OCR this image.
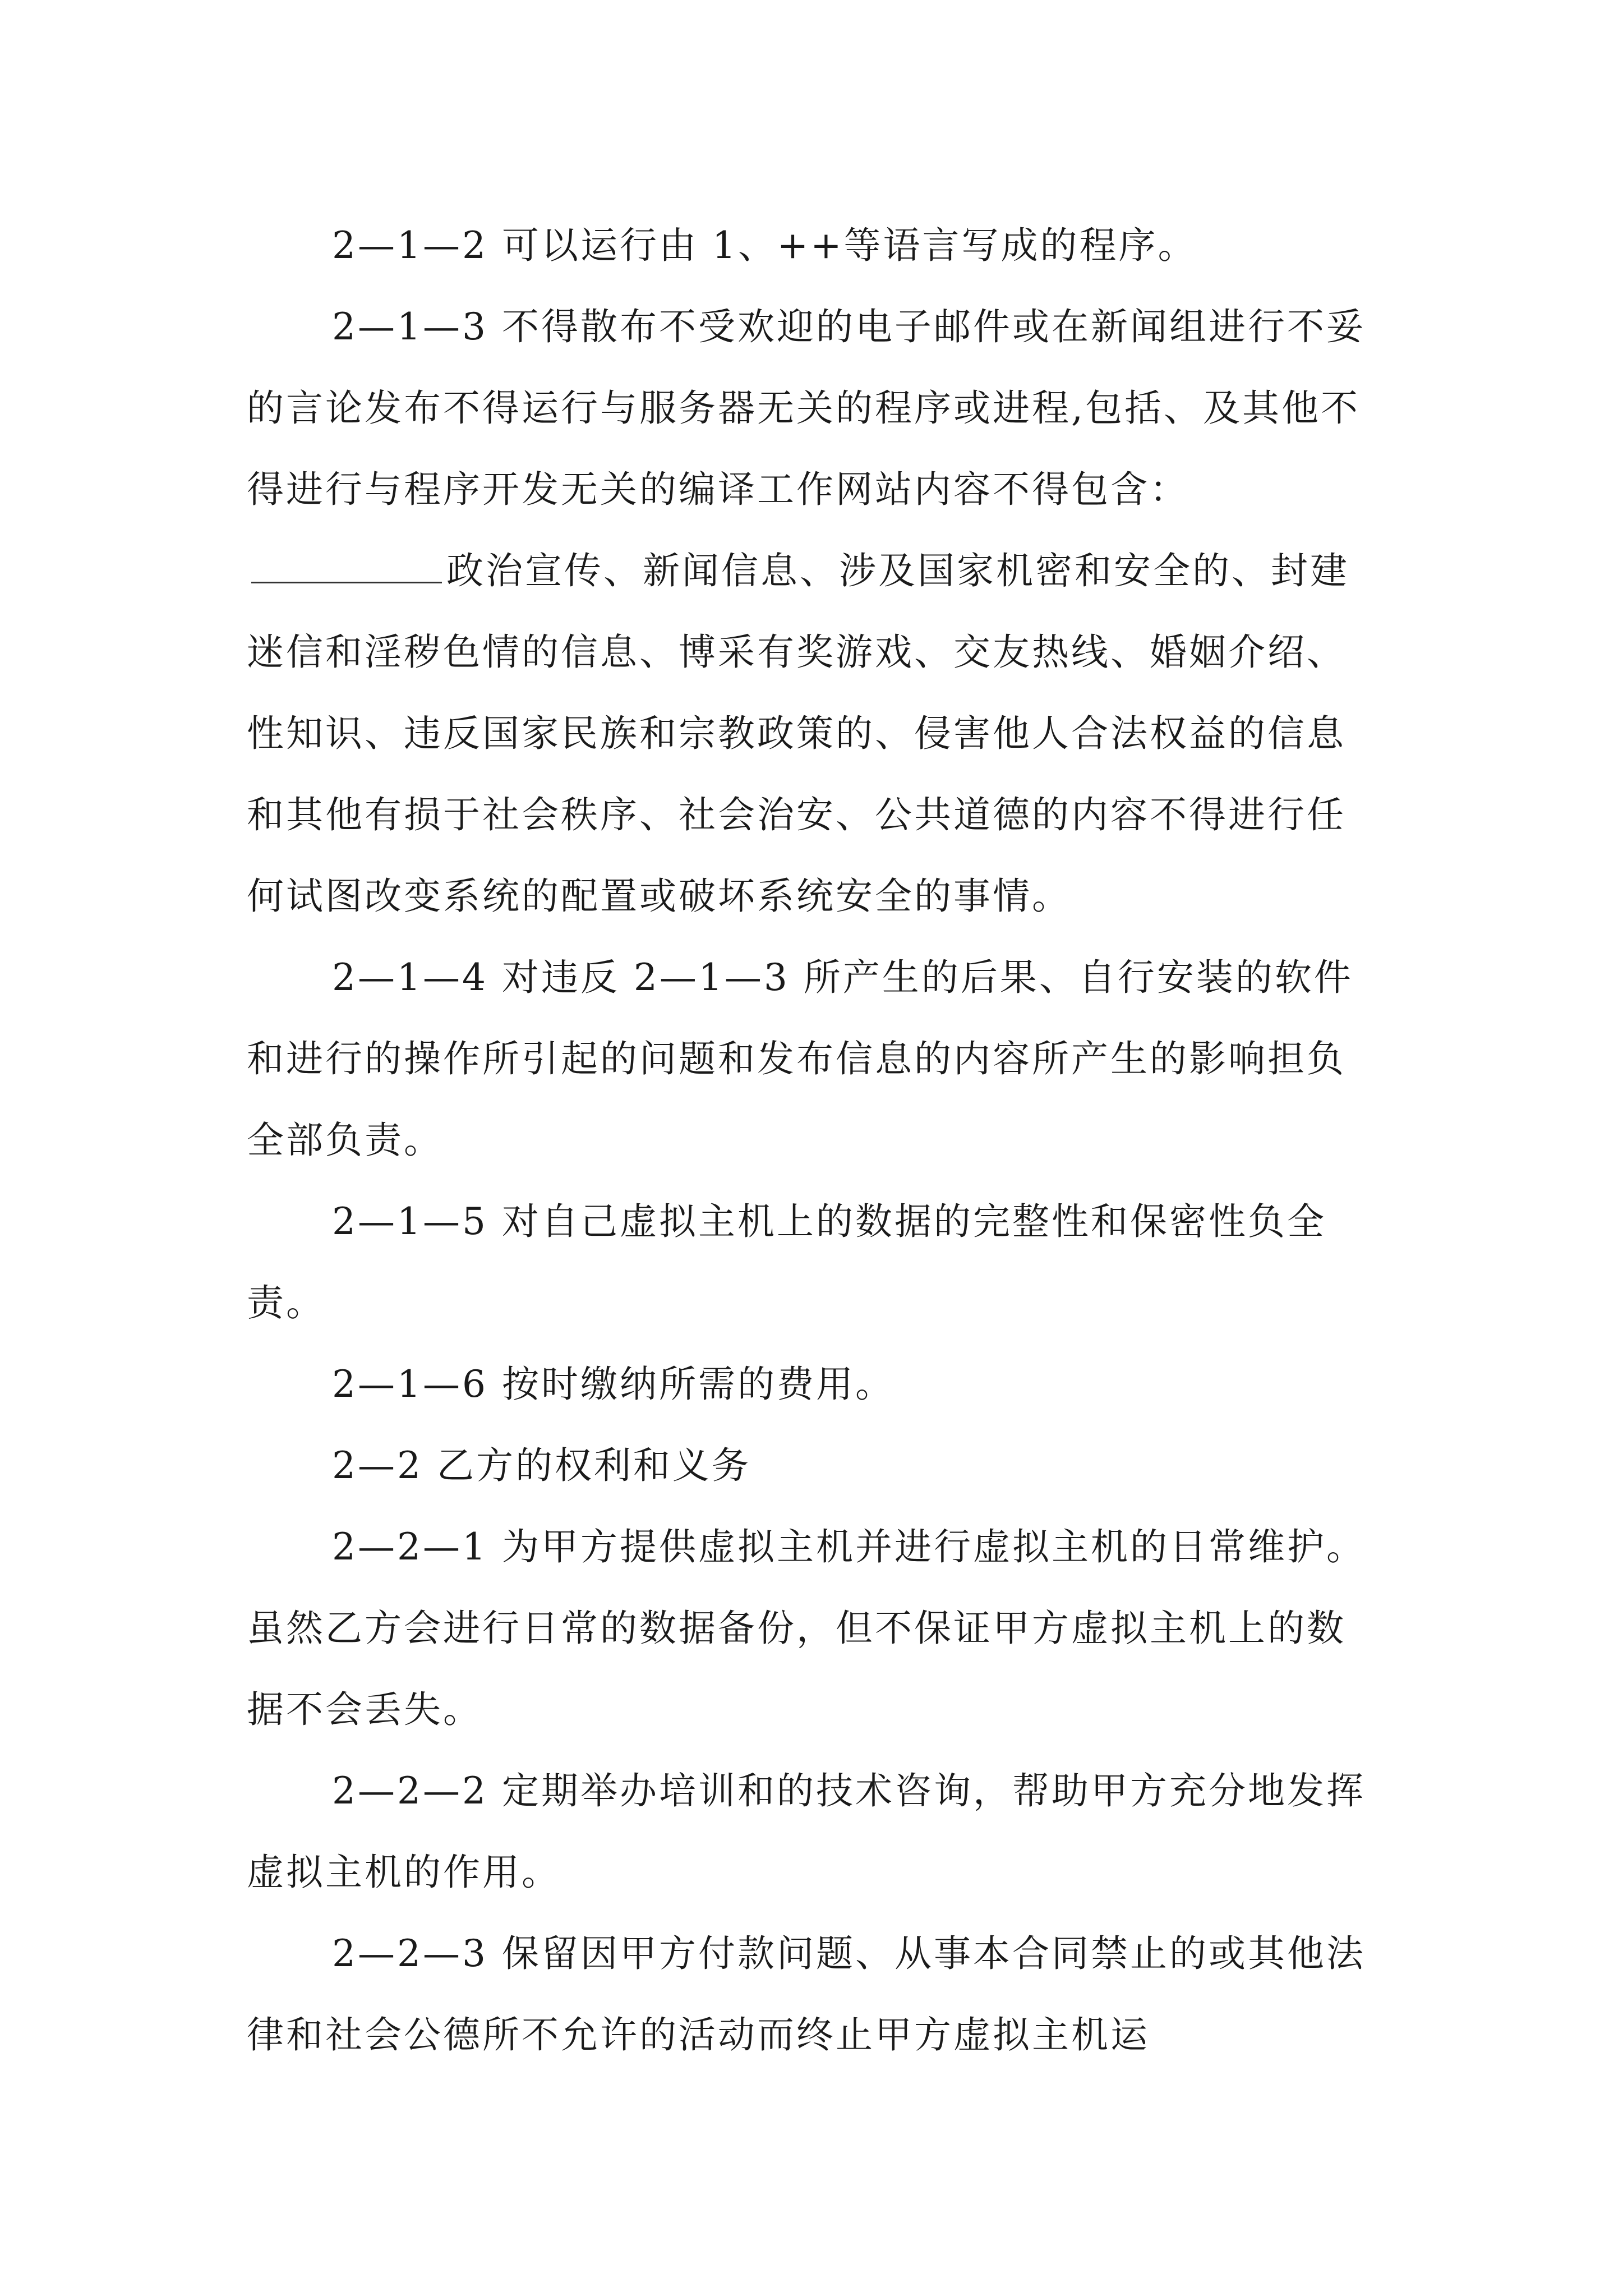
2—1—2 可以运行由 1、++等语言写成的程序。

2—1—3 不得散布不受欢迎的电子邮件或在新闻组进行不妥的言论发布不得运行与服务器无关的程序或进程,包括、及其他不得进行与程序开发无关的编译工作网站内容不得包含：政治宣传、新闻信息、涉及国家机密和安全的、封建迷信和淫秽色情的信息、博采有奖游戏、交友热线、婚姻介绍、性知识、违反国家民族和宗教政策的、侵害他人合法权益的信息和其他有损于社会秩序、社会治安、公共道德的内容不得进行任何试图改变系统的配置或破坏系统安全的事情。

2—1—4 对违反 2—1—3 所产生的后果、自行安装的软件和进行的操作所引起的问题和发布信息的内容所产生的影响担负全部负责。

2—1—5 对自己虚拟主机上的数据的完整性和保密性负全责。

2—1—6 按时缴纳所需的费用。

2—2 乙方的权利和义务

2—2—1 为甲方提供虚拟主机并进行虚拟主机的日常维护。虽然乙方会进行日常的数据备份，但不保证甲方虚拟主机上的数据不会丢失。

2—2—2 定期举办培训和的技术咨询，帮助甲方充分地发挥虚拟主机的作用。

2—2—3 保留因甲方付款问题、从事本合同禁止的或其他法律和社会公德所不允许的活动而终止甲方虚拟主机运
